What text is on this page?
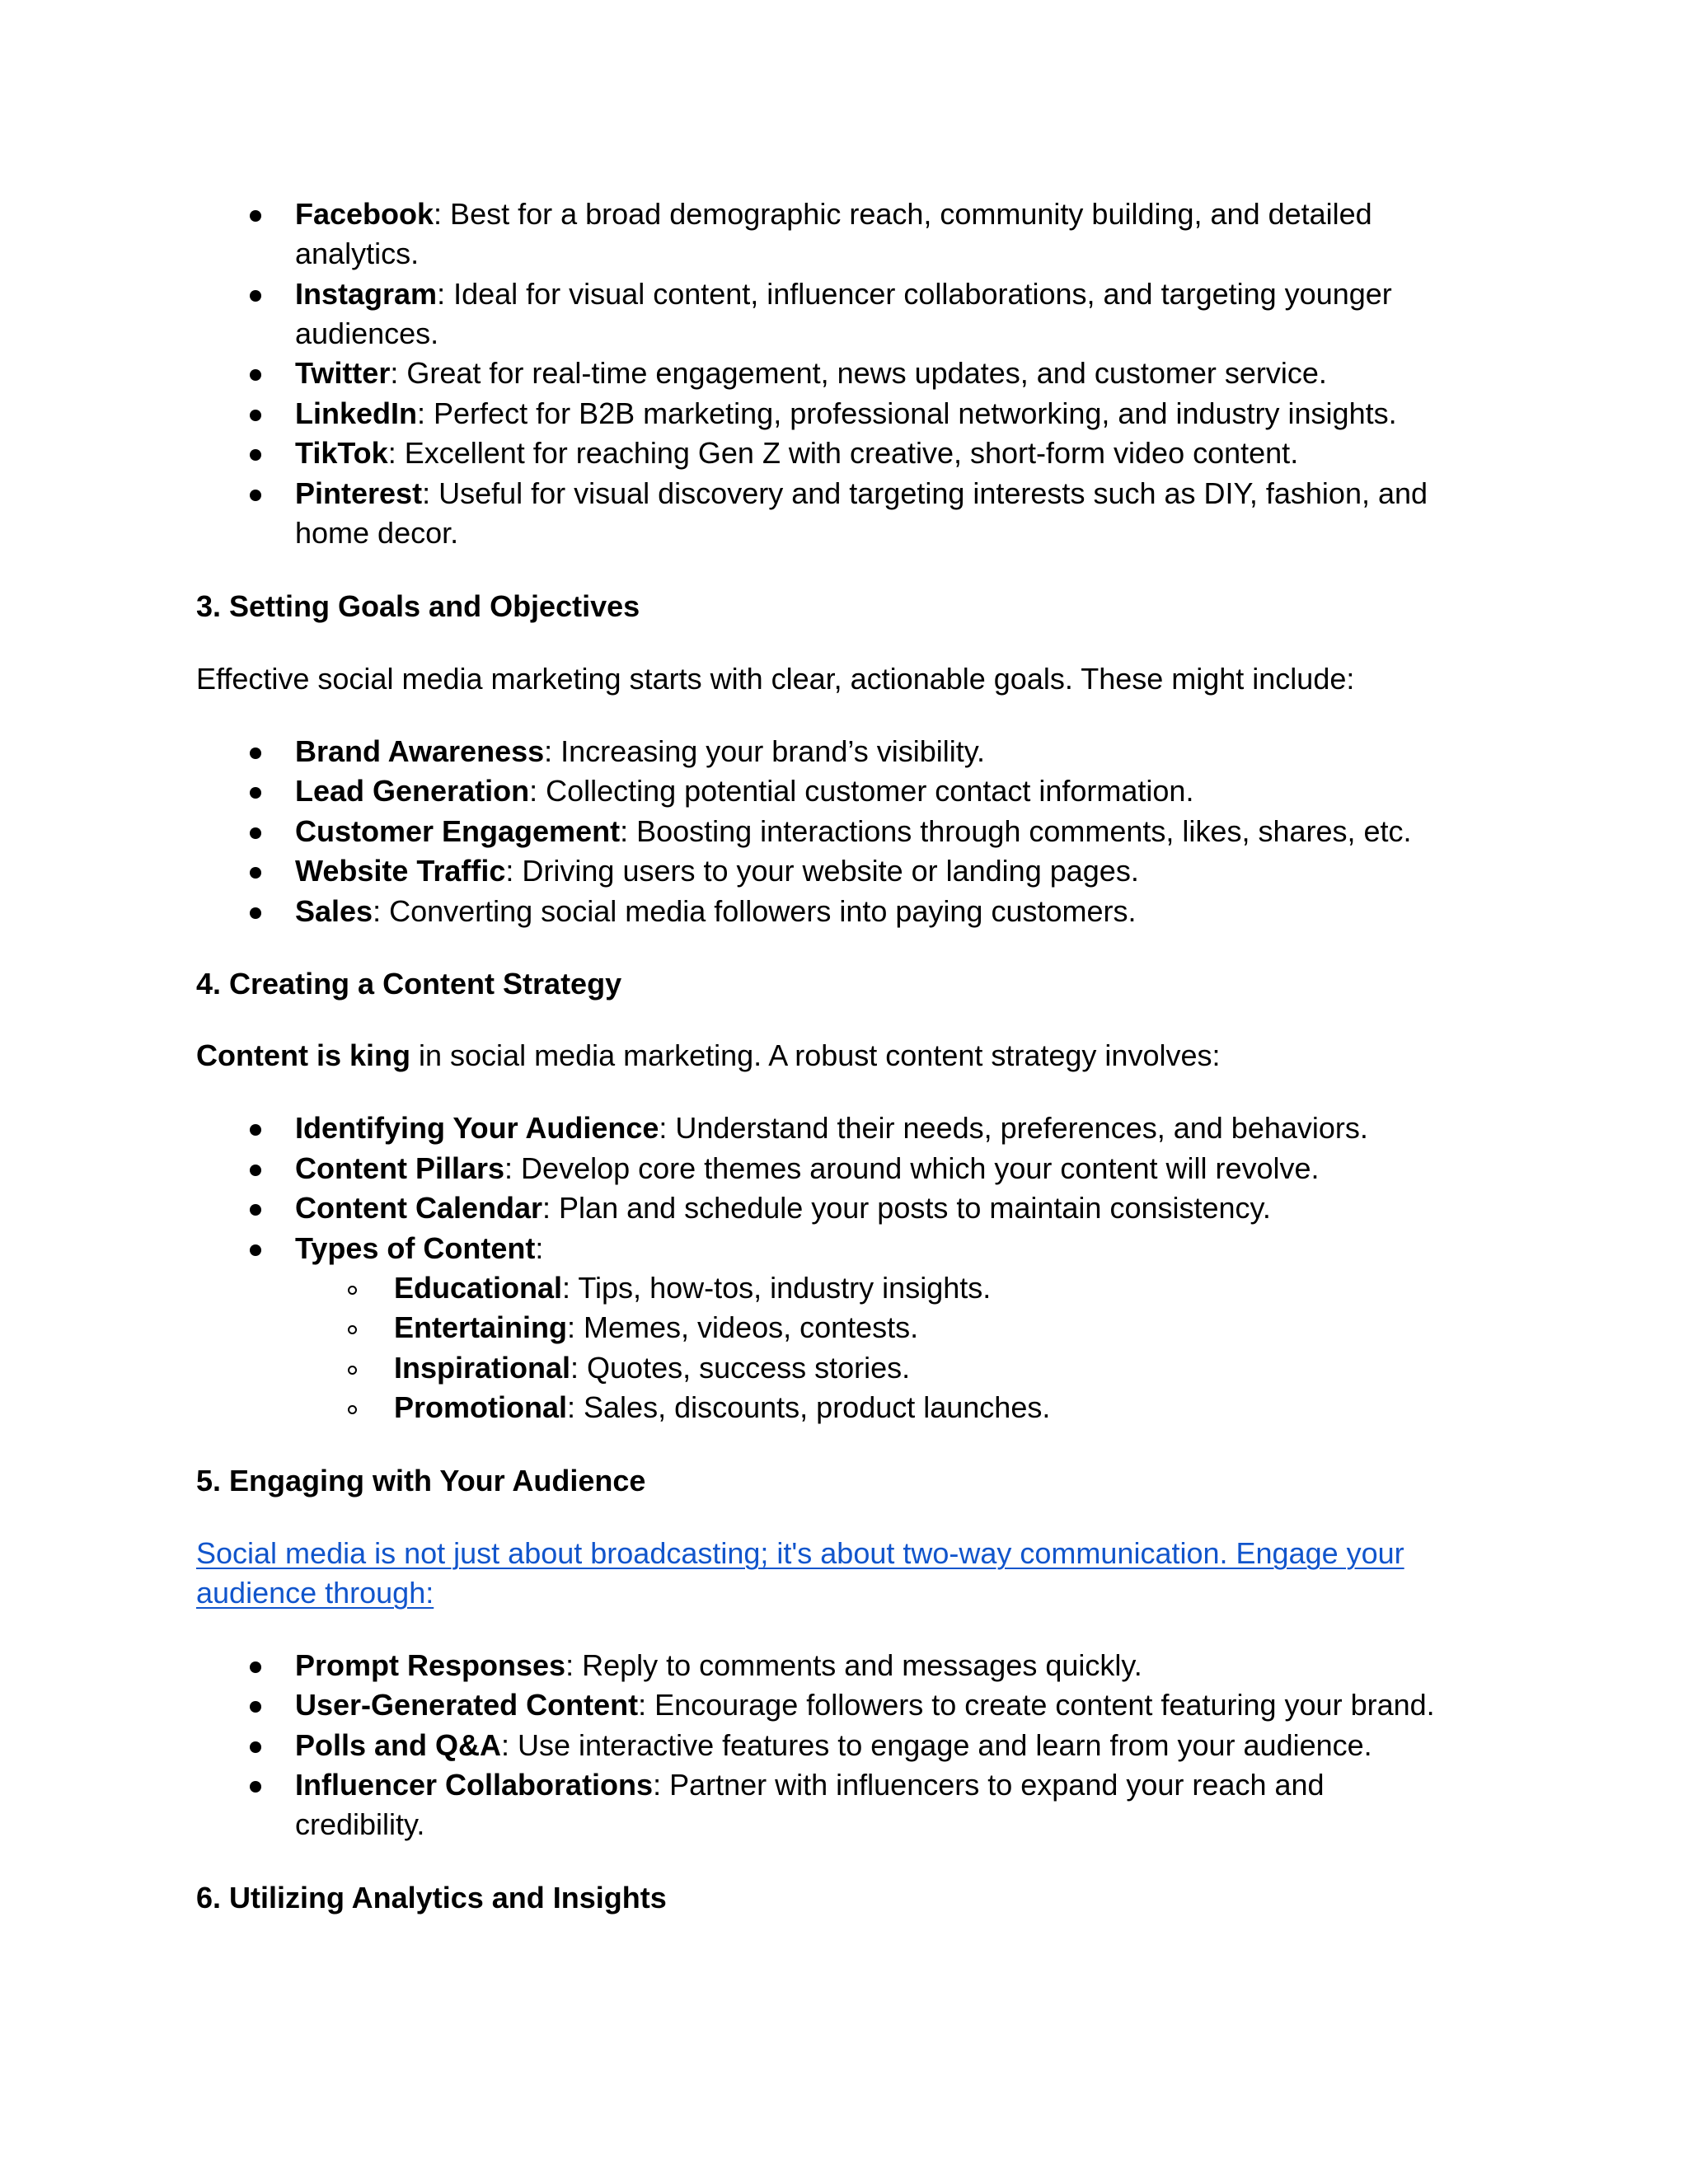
Facebook: Best for a broad demographic reach, community building, and detailed

analytics.

Instagram: Ideal for visual content, influencer collaborations, and targeting younger

audiences.

Twitter: Great for real-time engagement, news updates, and customer service.

LinkedIn: Perfect for B2B marketing, professional networking, and industry insights.

TikTok: Excellent for reaching Gen Z with creative, short-form video content.

Pinterest: Useful for visual discovery and targeting interests such as DIY, fashion, and

home decor.

3. Setting Goals and Objectives

Effective social media marketing starts with clear, actionable goals. These might include:

Brand Awareness: Increasing your brand’s visibility.

Lead Generation: Collecting potential customer contact information.

Customer Engagement: Boosting interactions through comments, likes, shares, etc.

Website Traffic: Driving users to your website or landing pages.

Sales: Converting social media followers into paying customers.

4. Creating a Content Strategy

Content is king in social media marketing. A robust content strategy involves:

Identifying Your Audience: Understand their needs, preferences, and behaviors.

Content Pillars: Develop core themes around which your content will revolve.

Content Calendar: Plan and schedule your posts to maintain consistency.

Types of Content:

Educational: Tips, how-tos, industry insights.

Entertaining: Memes, videos, contests.

Inspirational: Quotes, success stories.

Promotional: Sales, discounts, product launches.

5. Engaging with Your Audience

Social media is not just about broadcasting; it's about two-way communication. Engage your

audience through:

Prompt Responses: Reply to comments and messages quickly.

User-Generated Content: Encourage followers to create content featuring your brand.

Polls and Q&A: Use interactive features to engage and learn from your audience.

Influencer Collaborations: Partner with influencers to expand your reach and

credibility.

6. Utilizing Analytics and Insights
